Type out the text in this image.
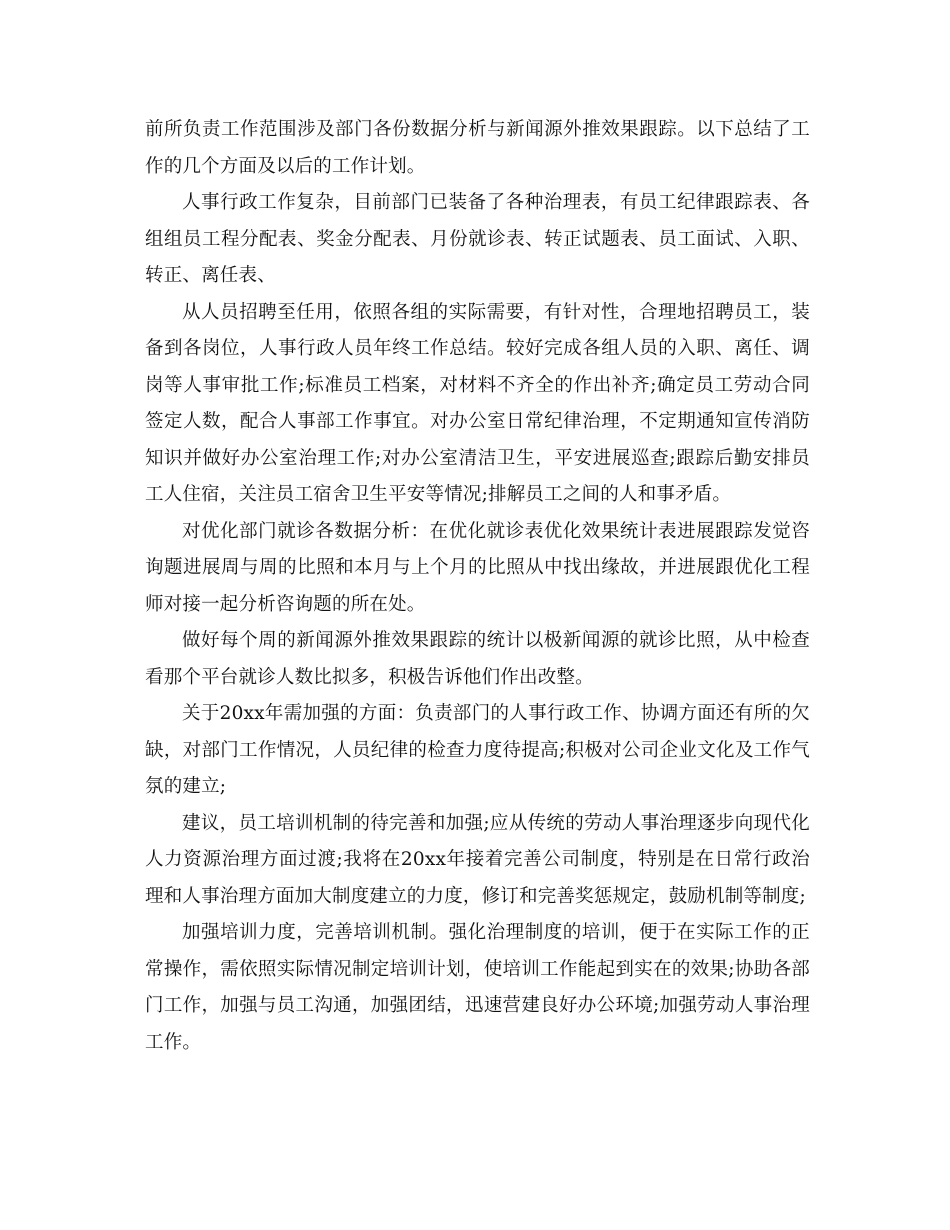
前所负责工作范围涉及部门各份数据分析与新闻源外推效果跟踪。以下总结了工作的几个方面及以后的工作计划。

人事行政工作复杂，目前部门已装备了各种治理表，有员工纪律跟踪表、各组组员工程分配表、奖金分配表、月份就诊表、转正试题表、员工面试、入职、转正、离任表、

从人员招聘至任用，依照各组的实际需要，有针对性，合理地招聘员工，装备到各岗位，人事行政人员年终工作总结。较好完成各组人员的入职、离任、调岗等人事审批工作;标准员工档案，对材料不齐全的作出补齐;确定员工劳动合同签定人数，配合人事部工作事宜。对办公室日常纪律治理，不定期通知宣传消防知识并做好办公室治理工作;对办公室清洁卫生，平安进展巡查;跟踪后勤安排员工人住宿，关注员工宿舍卫生平安等情况;排解员工之间的人和事矛盾。

对优化部门就诊各数据分析：在优化就诊表优化效果统计表进展跟踪发觉咨询题进展周与周的比照和本月与上个月的比照从中找出缘故，并进展跟优化工程师对接一起分析咨询题的所在处。

做好每个周的新闻源外推效果跟踪的统计以极新闻源的就诊比照，从中检查看那个平台就诊人数比拟多，积极告诉他们作出改整。

关于20xx年需加强的方面：负责部门的人事行政工作、协调方面还有所的欠缺，对部门工作情况，人员纪律的检查力度待提高;积极对公司企业文化及工作气氛的建立;

建议，员工培训机制的待完善和加强;应从传统的劳动人事治理逐步向现代化人力资源治理方面过渡;我将在20xx年接着完善公司制度，特别是在日常行政治理和人事治理方面加大制度建立的力度，修订和完善奖惩规定，鼓励机制等制度;

加强培训力度，完善培训机制。强化治理制度的培训，便于在实际工作的正常操作，需依照实际情况制定培训计划，使培训工作能起到实在的效果;协助各部门工作，加强与员工沟通，加强团结，迅速营建良好办公环境;加强劳动人事治理工作。
